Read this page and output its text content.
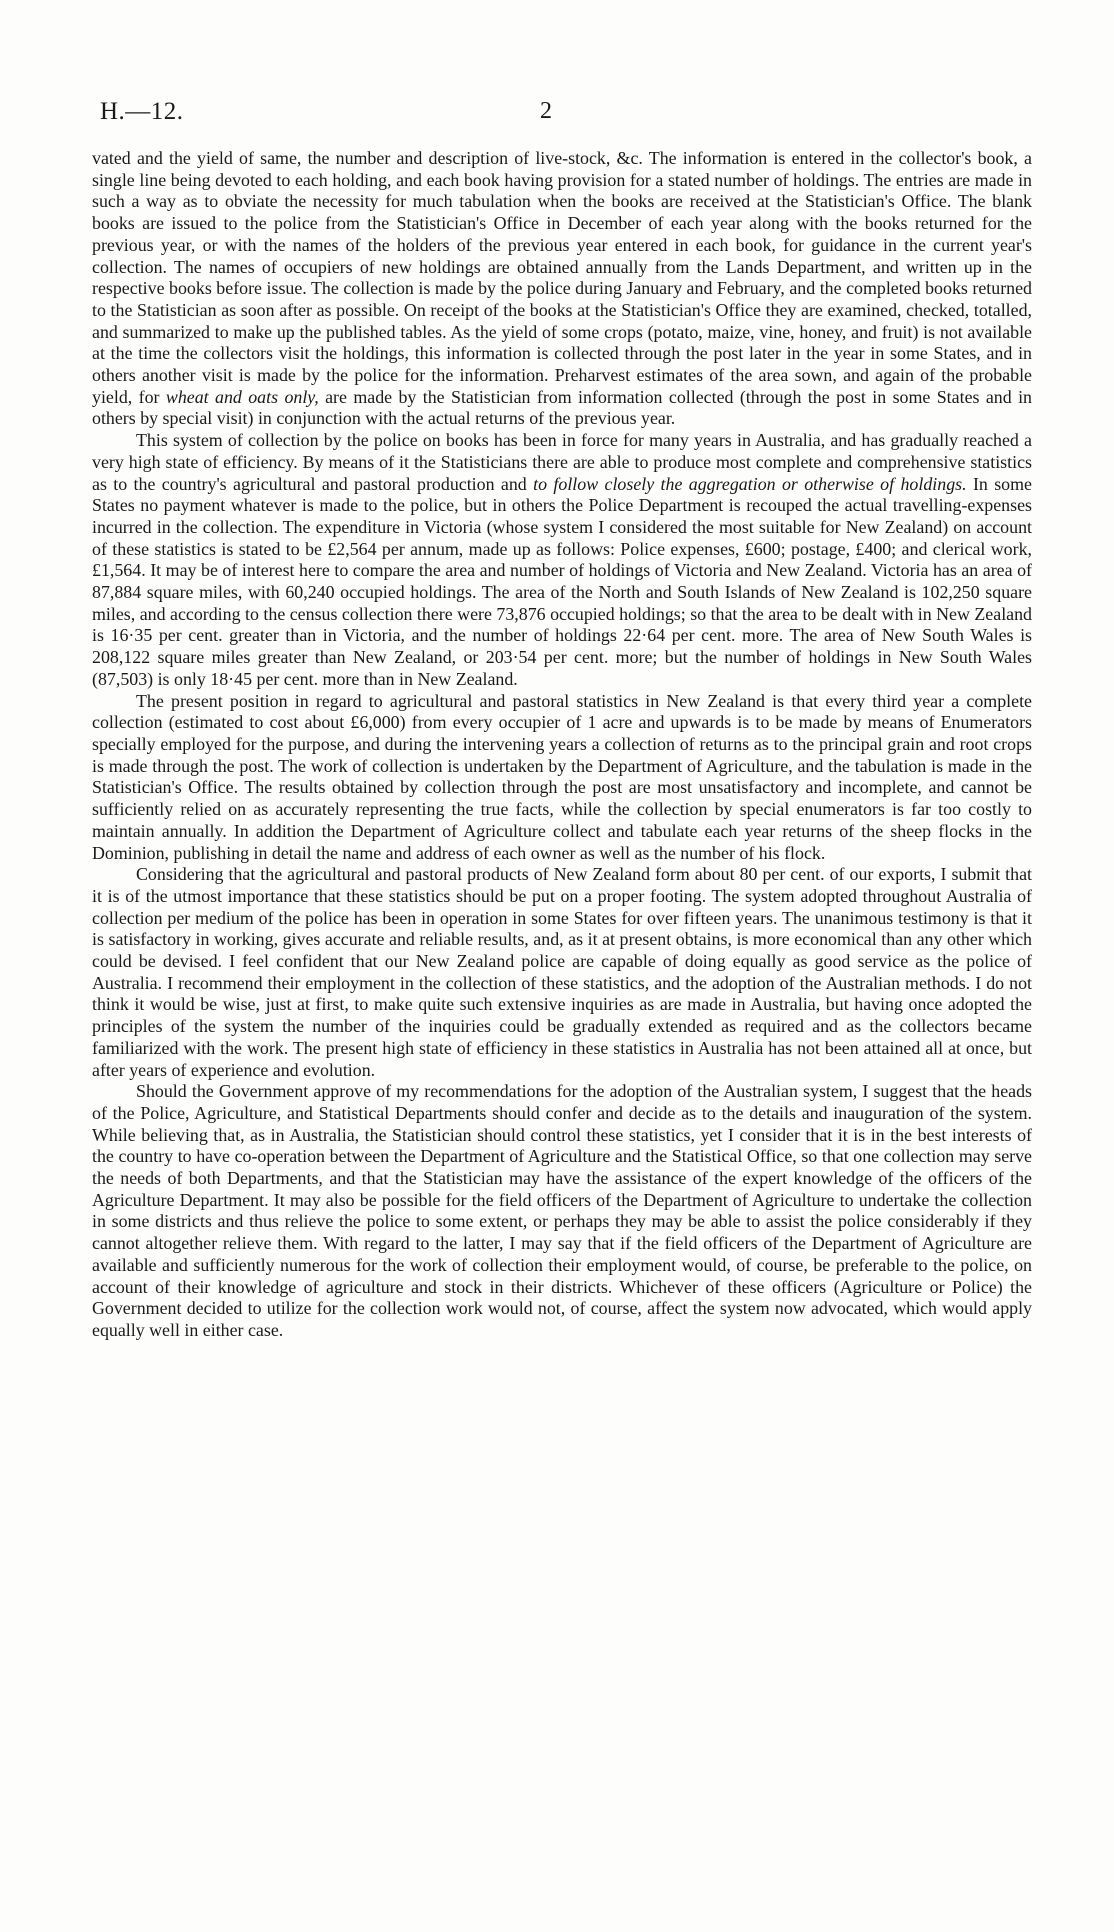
H.—12.	2

vated and the yield of same, the number and description of live-stock, &c. The information is entered in the collector's book, a single line being devoted to each holding, and each book having provision for a stated number of holdings. The entries are made in such a way as to obviate the necessity for much tabulation when the books are received at the Statistician's Office. The blank books are issued to the police from the Statistician's Office in December of each year along with the books returned for the previous year, or with the names of the holders of the previous year entered in each book, for guidance in the current year's collection. The names of occupiers of new holdings are obtained annually from the Lands Department, and written up in the respective books before issue. The collection is made by the police during January and February, and the completed books returned to the Statistician as soon after as possible. On receipt of the books at the Statistician's Office they are examined, checked, totalled, and summarized to make up the published tables. As the yield of some crops (potato, maize, vine, honey, and fruit) is not available at the time the collectors visit the holdings, this information is collected through the post later in the year in some States, and in others another visit is made by the police for the information. Preharvest estimates of the area sown, and again of the probable yield, for wheat and oats only, are made by the Statistician from information collected (through the post in some States and in others by special visit) in conjunction with the actual returns of the previous year.

This system of collection by the police on books has been in force for many years in Australia, and has gradually reached a very high state of efficiency. By means of it the Statisticians there are able to produce most complete and comprehensive statistics as to the country's agricultural and pastoral production and to follow closely the aggregation or otherwise of holdings. In some States no payment whatever is made to the police, but in others the Police Department is recouped the actual travelling-expenses incurred in the collection. The expenditure in Victoria (whose system I considered the most suitable for New Zealand) on account of these statistics is stated to be £2,564 per annum, made up as follows: Police expenses, £600; postage, £400; and clerical work, £1,564. It may be of interest here to compare the area and number of holdings of Victoria and New Zealand. Victoria has an area of 87,884 square miles, with 60,240 occupied holdings. The area of the North and South Islands of New Zealand is 102,250 square miles, and according to the census collection there were 73,876 occupied holdings; so that the area to be dealt with in New Zealand is 16·35 per cent. greater than in Victoria, and the number of holdings 22·64 per cent. more. The area of New South Wales is 208,122 square miles greater than New Zealand, or 203·54 per cent. more; but the number of holdings in New South Wales (87,503) is only 18·45 per cent. more than in New Zealand.

The present position in regard to agricultural and pastoral statistics in New Zealand is that every third year a complete collection (estimated to cost about £6,000) from every occupier of 1 acre and upwards is to be made by means of Enumerators specially employed for the purpose, and during the intervening years a collection of returns as to the principal grain and root crops is made through the post. The work of collection is undertaken by the Department of Agriculture, and the tabulation is made in the Statistician's Office. The results obtained by collection through the post are most unsatisfactory and incomplete, and cannot be sufficiently relied on as accurately representing the true facts, while the collection by special enumerators is far too costly to maintain annually. In addition the Department of Agriculture collect and tabulate each year returns of the sheep flocks in the Dominion, publishing in detail the name and address of each owner as well as the number of his flock.

Considering that the agricultural and pastoral products of New Zealand form about 80 per cent. of our exports, I submit that it is of the utmost importance that these statistics should be put on a proper footing. The system adopted throughout Australia of collection per medium of the police has been in operation in some States for over fifteen years. The unanimous testimony is that it is satisfactory in working, gives accurate and reliable results, and, as it at present obtains, is more economical than any other which could be devised. I feel confident that our New Zealand police are capable of doing equally as good service as the police of Australia. I recommend their employment in the collection of these statistics, and the adoption of the Australian methods. I do not think it would be wise, just at first, to make quite such extensive inquiries as are made in Australia, but having once adopted the principles of the system the number of the inquiries could be gradually extended as required and as the collectors became familiarized with the work. The present high state of efficiency in these statistics in Australia has not been attained all at once, but after years of experience and evolution.

Should the Government approve of my recommendations for the adoption of the Australian system, I suggest that the heads of the Police, Agriculture, and Statistical Departments should confer and decide as to the details and inauguration of the system. While believing that, as in Australia, the Statistician should control these statistics, yet I consider that it is in the best interests of the country to have co-operation between the Department of Agriculture and the Statistical Office, so that one collection may serve the needs of both Departments, and that the Statistician may have the assistance of the expert knowledge of the officers of the Agriculture Department. It may also be possible for the field officers of the Department of Agriculture to undertake the collection in some districts and thus relieve the police to some extent, or perhaps they may be able to assist the police considerably if they cannot altogether relieve them. With regard to the latter, I may say that if the field officers of the Department of Agriculture are available and sufficiently numerous for the work of collection their employment would, of course, be preferable to the police, on account of their knowledge of agriculture and stock in their districts. Whichever of these officers (Agriculture or Police) the Government decided to utilize for the collection work would not, of course, affect the system now advocated, which would apply equally well in either case.
